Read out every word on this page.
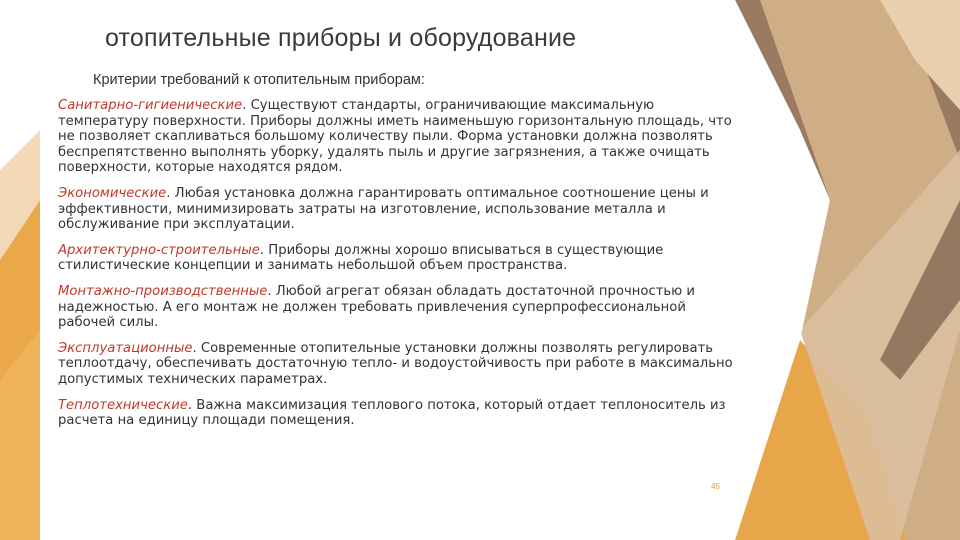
отопительные приборы и оборудование
Критерии требований к отопительным приборам:
Санитарно-гигиенические. Существуют стандарты, ограничивающие максимальную температуру поверхности. Приборы должны иметь наименьшую горизонтальную площадь, что не позволяет скапливаться большому количеству пыли. Форма установки должна позволять беспрепятственно выполнять уборку, удалять пыль и другие загрязнения, а также очищать поверхности, которые находятся рядом.
Экономические. Любая установка должна гарантировать оптимальное соотношение цены и эффективности, минимизировать затраты на изготовление, использование металла и обслуживание при эксплуатации.
Архитектурно-строительные. Приборы должны хорошо вписываться в существующие стилистические концепции и занимать небольшой объем пространства.
Монтажно-производственные. Любой агрегат обязан обладать достаточной прочностью и надежностью. А его монтаж не должен требовать привлечения суперпрофессиональной рабочей силы.
Эксплуатационные. Современные отопительные установки должны позволять регулировать теплоотдачу, обеспечивать достаточную тепло- и водоустойчивость при работе в максимально допустимых технических параметрах.
Теплотехнические. Важна максимизация теплового потока, который отдает теплоноситель из расчета на единицу площади помещения.
45
